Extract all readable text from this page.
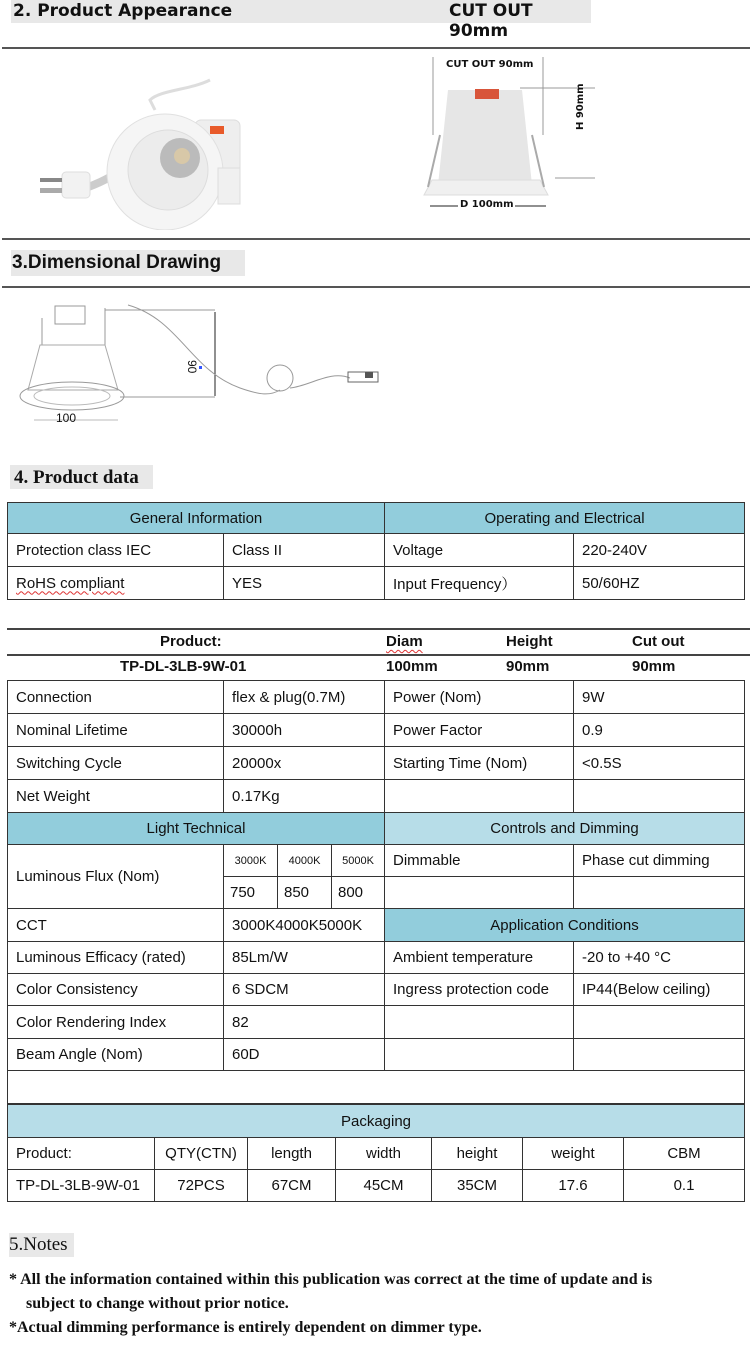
2. Product Appearance	CUT OUT 90mm
CUT OUT 90mm
H 90mm
D 100mm
3.Dimensional Drawing
90
100
4. Product data
General Information		Operating and Electrical	
Protection class IEC	Class II	Voltage	220-240V
RoHS compliant	YES	Input Frequency）	50/60HZ
Product:	Diam	Height	Cut out
TP-DL-3LB-9W-01	100mm	90mm	90mm
Connection	flex & plug(0.7M)			Power (Nom)	9W
Nominal Lifetime	30000h			Power Factor	0.9
Switching Cycle	20000x			Starting Time (Nom)	<0.5S
Net Weight	0.17Kg				
Light Technical				Controls and Dimming	
Luminous Flux (Nom)	3000K	4000K	5000K	Dimmable	Phase cut dimming
	750	850	800		
CCT	3000K4000K5000K			Application Conditions	
Luminous Efficacy (rated)	85Lm/W			Ambient temperature	-20 to +40 °C
Color Consistency	6 SDCM			Ingress protection code	IP44(Below ceiling)
Color Rendering Index	82				
Beam Angle (Nom)	60D				

Packaging						
Product:	QTY(CTN)	length	width	height	weight	CBM
TP-DL-3LB-9W-01	72PCS	67CM	45CM	35CM	17.6	0.1
5.Notes
* All the information contained within this publication was correct at the time of update and is
subject to change without prior notice.
*Actual dimming performance is entirely dependent on dimmer type.
